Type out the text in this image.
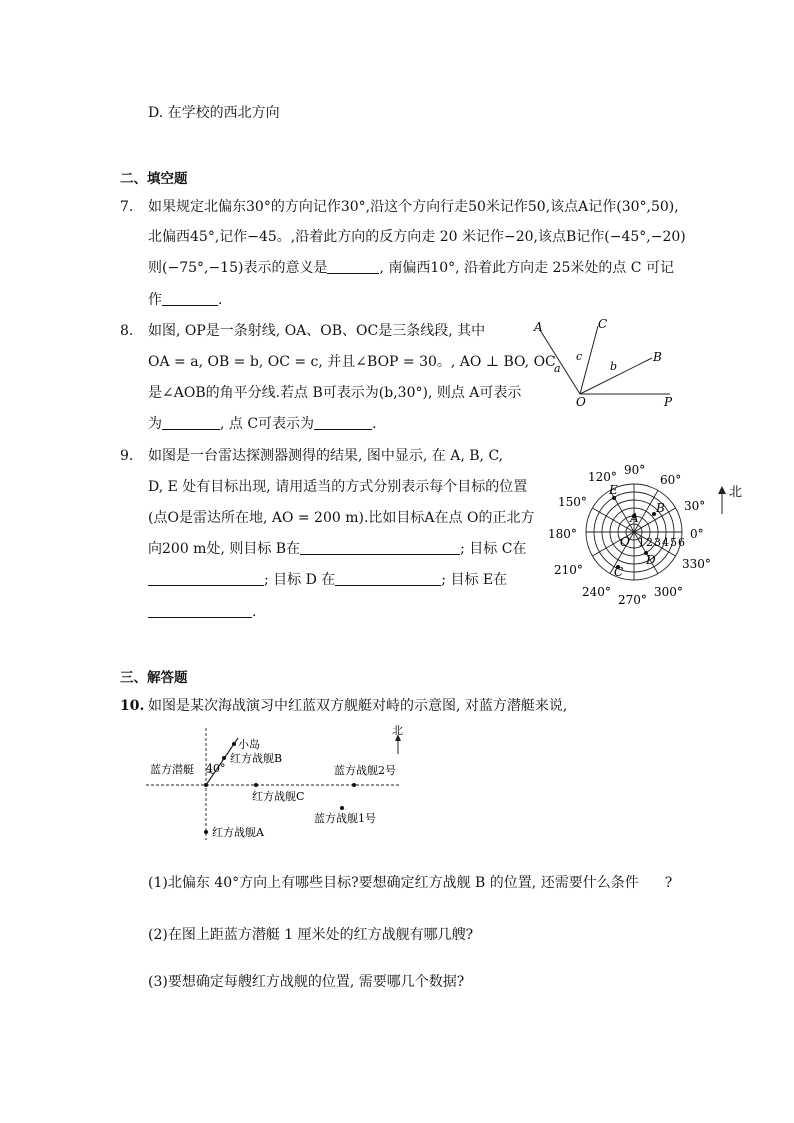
D. 在学校的西北方向
二、填空题
7. 如果规定北偏东30°的方向记作30°,沿这个方向行走50米记作50,该点A记作(30°,50),
北偏西45°,记作−45。,沿着此方向的反方向走 20 米记作−20,该点B记作(−45°,−20)
则(−75°,−15)表示的意义是	, 南偏西10°, 沿着此方向走 25米处的点 C 可记
作	.
8. 如图, OP是一条射线, OA、OB、OC是三条线段, 其中
OA = a, OB = b, OC = c, 并且∠BOP = 30。, AO ⊥ BO, OC
是∠AOB的角平分线.若点 B可表示为(b,30°), 则点 A可表示
为	, 点 C可表示为	.
A	C
B
O	P
a
c
b
9. 如图是一台雷达探测器测得的结果, 图中显示, 在 A, B, C,
D, E 处有目标出现, 请用适当的方式分别表示每个目标的位置
(点O是雷达所在地, AO = 200 m).比如目标A在点 O的正北方
向200 m处, 则目标 B在	; 目标 C在
; 目标 D 在	; 目标 E在
.
90°
60°
30°
0°
330°
300°
270°
240°
210°
180°
150°
120°
A
B
C
D
E
O 123456
北
三、解答题
10. 如图是某次海战演习中红蓝双方舰艇对峙的示意图, 对蓝方潜艇来说,
小岛
红方战舰B
40°
蓝方潜艇	蓝方战舰2号
红方战舰C
蓝方战舰1号
红方战舰A
北
(1)北偏东 40°方向上有哪些目标?要想确定红方战舰 B 的位置, 还需要什么条件 ?
(2)在图上距蓝方潜艇 1 厘米处的红方战舰有哪几艘?
(3)要想确定每艘红方战舰的位置, 需要哪几个数据?
